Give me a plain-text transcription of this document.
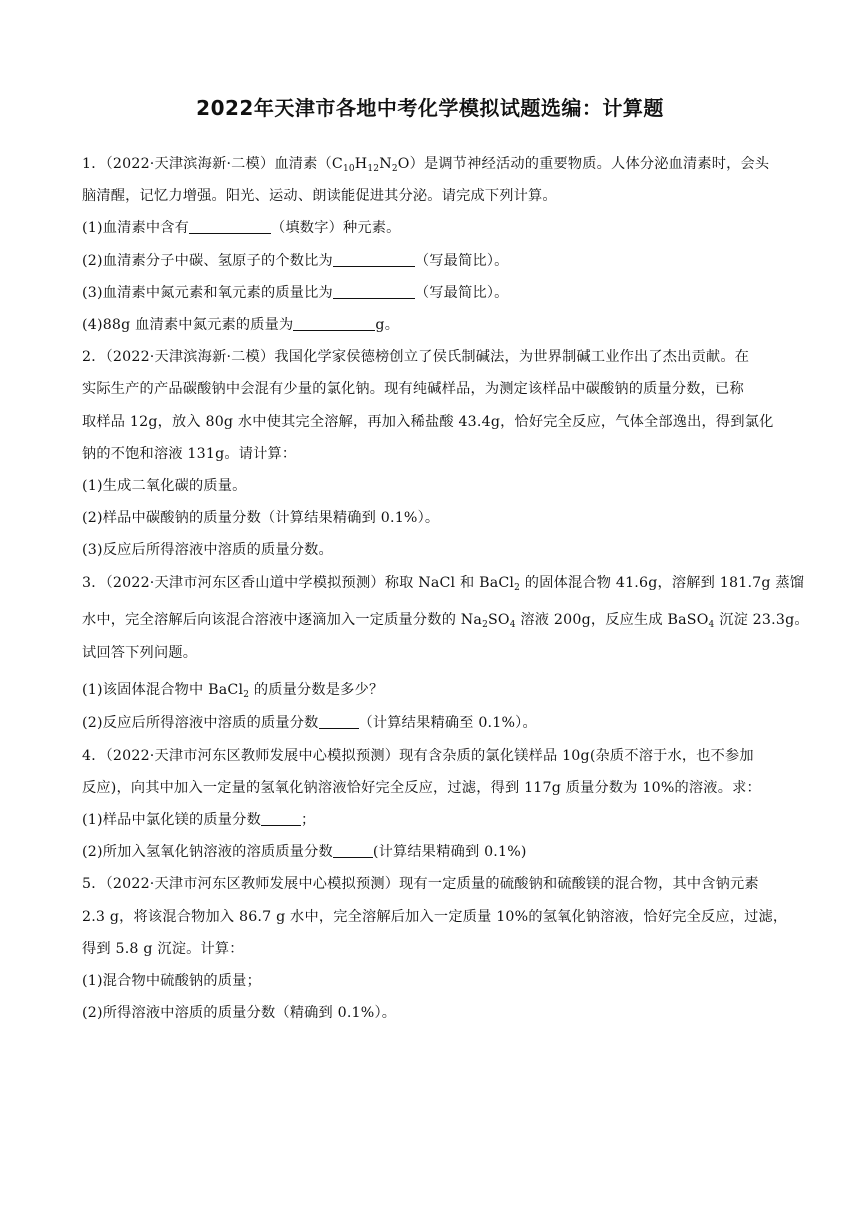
2022年天津市各地中考化学模拟试题选编：计算题
1．（2022·天津滨海新·二模）血清素$(C_{10}H_{12}N_2O)$是调节神经活动的重要物质。人体分泌血清素时，会头
脑清醒，记忆力增强。阳光、运动、朗读能促进其分泌。请完成下列计算。
(1)血清素中含有	（填数字）种元素。
(2)血清素分子中碳、氢原子的个数比为	（写最简比）。
(3)血清素中氮元素和氧元素的质量比为	（写最简比）。
(4)88g 血清素中氮元素的质量为	g。
2．（2022·天津滨海新·二模）我国化学家侯德榜创立了侯氏制碱法，为世界制碱工业作出了杰出贡献。在
实际生产的产品碳酸钠中会混有少量的氯化钠。现有纯碱样品，为测定该样品中碳酸钠的质量分数，已称
取样品 12g，放入 80g 水中使其完全溶解，再加入稀盐酸 43.4g，恰好完全反应，气体全部逸出，得到氯化
钠的不饱和溶液 131g。请计算：
(1)生成二氧化碳的质量。
(2)样品中碳酸钠的质量分数（计算结果精确到 0.1%）。
(3)反应后所得溶液中溶质的质量分数。
3．（2022·天津市河东区香山道中学模拟预测）称取 NaCl 和 BaCl$_2$ 的固体混合物 41.6g，溶解到 181.7g 蒸馏
水中，完全溶解后向该混合溶液中逐滴加入一定质量分数的 $Na_2SO_4$ 溶液 200g，反应生成 BaSO$_4$ 沉淀 23.3g。
试回答下列问题。
(1)该固体混合物中 BaCl$_2$ 的质量分数是多少？
(2)反应后所得溶液中溶质的质量分数	（计算结果精确至 0.1%）。
4．（2022·天津市河东区教师发展中心模拟预测）现有含杂质的氯化镁样品 10g(杂质不溶于水，也不参加
反应)，向其中加入一定量的氢氧化钠溶液恰好完全反应，过滤，得到 117g 质量分数为 10%的溶液。求：
(1)样品中氯化镁的质量分数	；
(2)所加入氢氧化钠溶液的溶质质量分数	(计算结果精确到 0.1%)
5．（2022·天津市河东区教师发展中心模拟预测）现有一定质量的硫酸钠和硫酸镁的混合物，其中含钠元素
2.3 g，将该混合物加入 86.7 g 水中，完全溶解后加入一定质量 10%的氢氧化钠溶液，恰好完全反应，过滤，
得到 5.8 g 沉淀。计算：
(1)混合物中硫酸钠的质量；
(2)所得溶液中溶质的质量分数（精确到 0.1%）。
